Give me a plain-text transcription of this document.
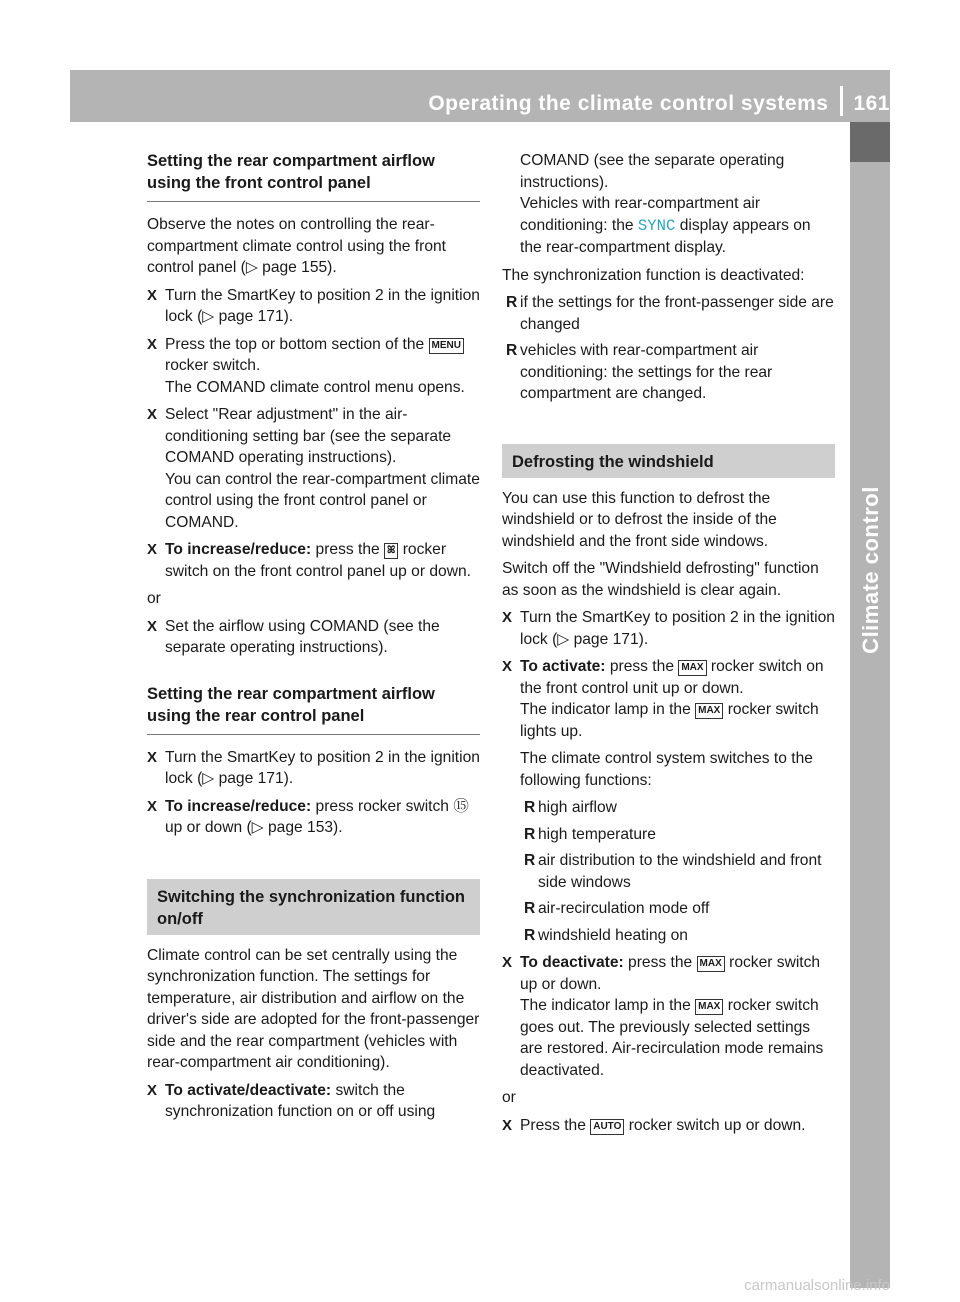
Operating the climate control systems 161
Climate control
Setting the rear compartment airflow using the front control panel

Observe the notes on controlling the rear-compartment climate control using the front control panel (▷ page 155).

X Turn the SmartKey to position 2 in the ignition lock (▷ page 171).
X Press the top or bottom section of the MENU rocker switch.
The COMAND climate control menu opens.
X Select "Rear adjustment" in the air-conditioning setting bar (see the separate COMAND operating instructions).
You can control the rear-compartment climate control using the front control panel or COMAND.
X To increase/reduce: press the ꕤ rocker switch on the front control panel up or down.

or

X Set the airflow using COMAND (see the separate operating instructions).
Setting the rear compartment airflow using the rear control panel
X Turn the SmartKey to position 2 in the ignition lock (▷ page 171).
X To increase/reduce: press rocker switch ⑮ up or down (▷ page 153).
Switching the synchronization function on/off

Climate control can be set centrally using the synchronization function. The settings for temperature, air distribution and airflow on the driver's side are adopted for the front-passenger side and the rear compartment (vehicles with rear-compartment air conditioning).

X To activate/deactivate: switch the synchronization function on or off using
COMAND (see the separate operating instructions).
Vehicles with rear-compartment air conditioning: the SYNC display appears on the rear-compartment display.

The synchronization function is deactivated:

R if the settings for the front-passenger side are changed
R vehicles with rear-compartment air conditioning: the settings for the rear compartment are changed.
Defrosting the windshield

You can use this function to defrost the windshield or to defrost the inside of the windshield and the front side windows.

Switch off the "Windshield defrosting" function as soon as the windshield is clear again.

X Turn the SmartKey to position 2 in the ignition lock (▷ page 171).
X To activate: press the MAX rocker switch on the front control unit up or down.
The indicator lamp in the MAX rocker switch lights up.
The climate control system switches to the following functions:
R high airflow
R high temperature
R air distribution to the windshield and front side windows
R air-recirculation mode off
R windshield heating on
X To deactivate: press the MAX rocker switch up or down.
The indicator lamp in the MAX rocker switch goes out. The previously selected settings are restored. Air-recirculation mode remains deactivated.

or

X Press the AUTO rocker switch up or down.
carmanualsonline.info
